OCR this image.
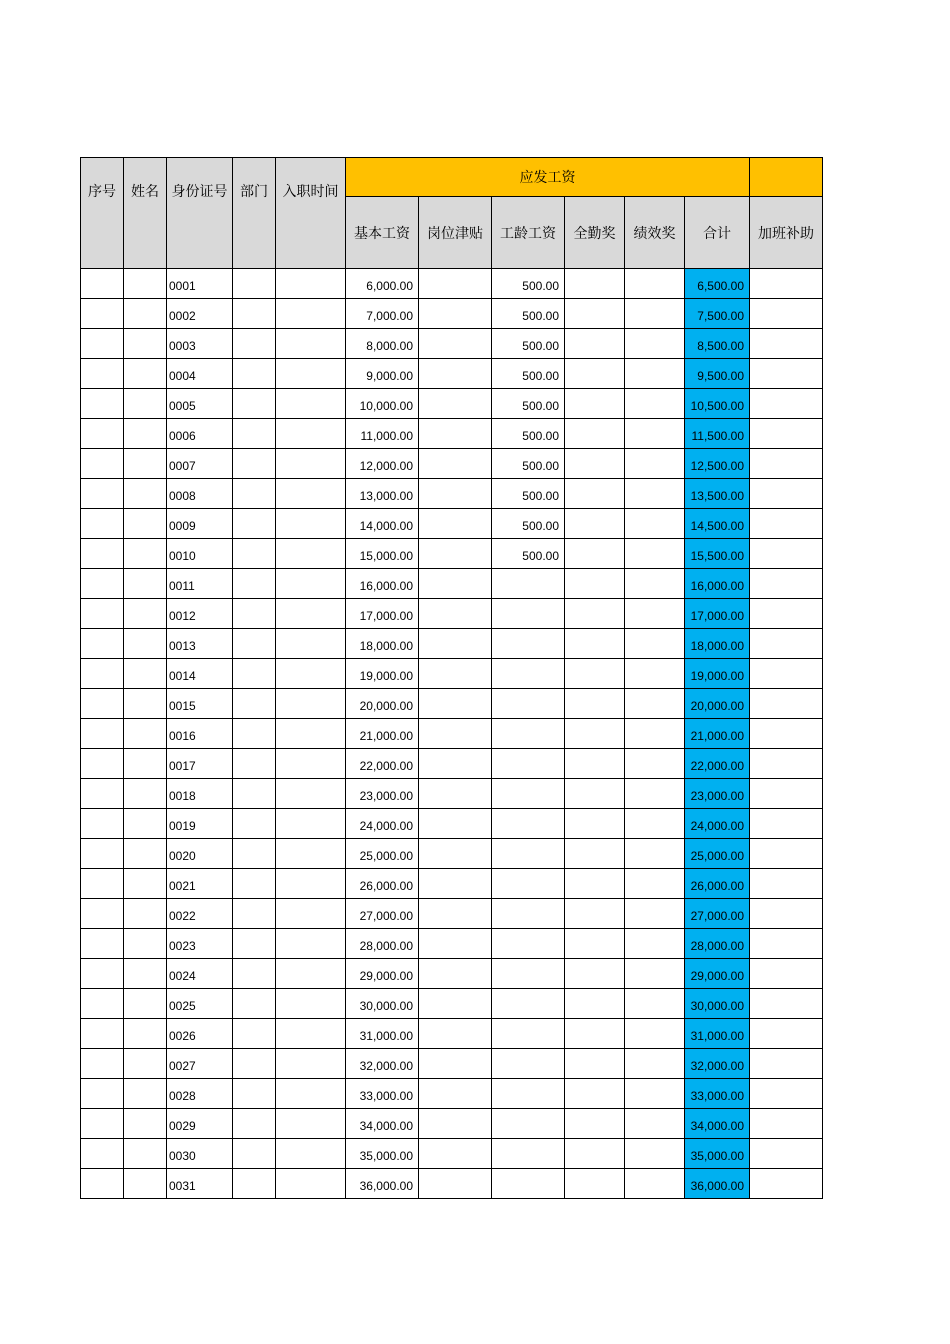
序号	姓名	身份证号	部门	入职时间	应发工资						
					基本工资	岗位津贴	工龄工资	全勤奖	绩效奖	合计	加班补助
		0001			6,000.00		500.00			6,500.00	
		0002			7,000.00		500.00			7,500.00	
		0003			8,000.00		500.00			8,500.00	
		0004			9,000.00		500.00			9,500.00	
		0005			10,000.00		500.00			10,500.00	
		0006			11,000.00		500.00			11,500.00	
		0007			12,000.00		500.00			12,500.00	
		0008			13,000.00		500.00			13,500.00	
		0009			14,000.00		500.00			14,500.00	
		0010			15,000.00		500.00			15,500.00	
		0011			16,000.00					16,000.00	
		0012			17,000.00					17,000.00	
		0013			18,000.00					18,000.00	
		0014			19,000.00					19,000.00	
		0015			20,000.00					20,000.00	
		0016			21,000.00					21,000.00	
		0017			22,000.00					22,000.00	
		0018			23,000.00					23,000.00	
		0019			24,000.00					24,000.00	
		0020			25,000.00					25,000.00	
		0021			26,000.00					26,000.00	
		0022			27,000.00					27,000.00	
		0023			28,000.00					28,000.00	
		0024			29,000.00					29,000.00	
		0025			30,000.00					30,000.00	
		0026			31,000.00					31,000.00	
		0027			32,000.00					32,000.00	
		0028			33,000.00					33,000.00	
		0029			34,000.00					34,000.00	
		0030			35,000.00					35,000.00	
		0031			36,000.00					36,000.00	
